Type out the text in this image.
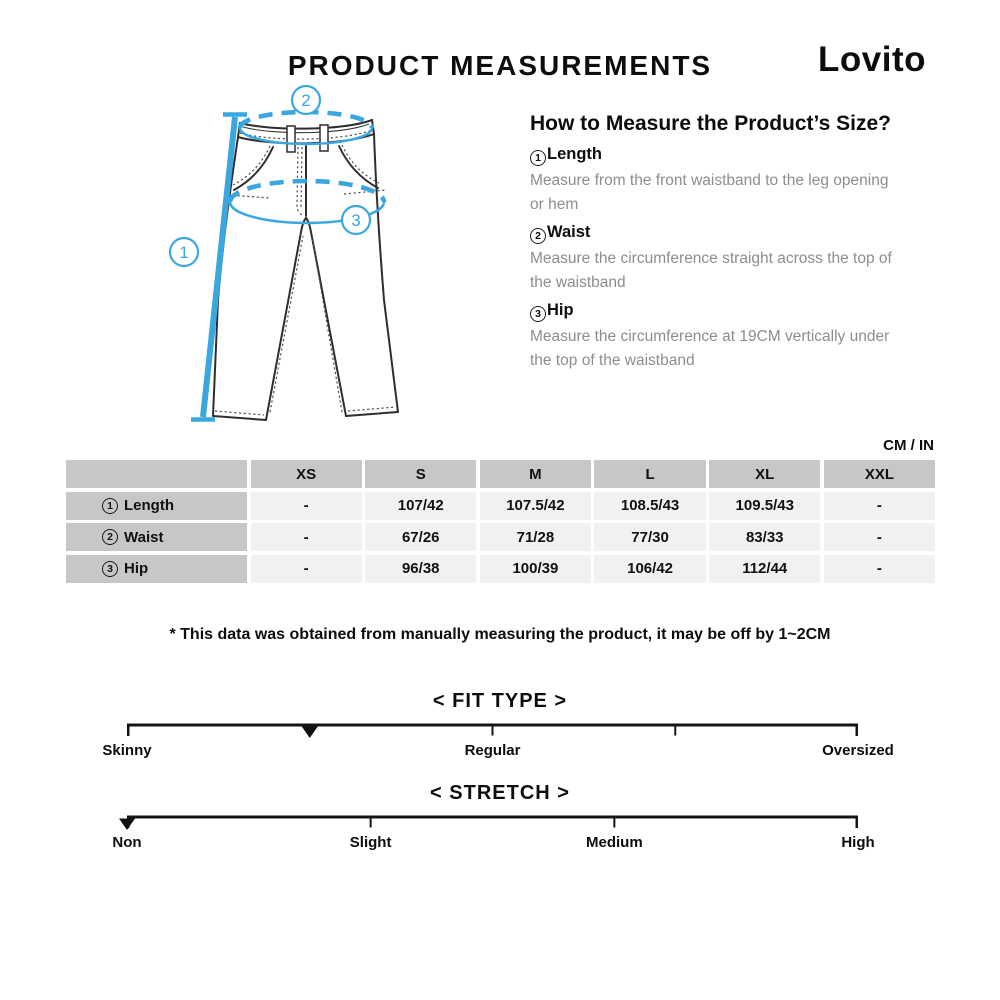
PRODUCT MEASUREMENTS	Lovito
1
2
3
How to Measure the Product’s Size?
1 Length
Measure from the front waistband to the leg opening or hem
2 Waist
Measure the circumference straight across the top of the waistband
3 Hip
Measure the circumference at 19CM vertically under the top of the waistband
CM / IN
XS	S	M	L	XL	XXL
1 Length	-	107/42	107.5/42	108.5/43	109.5/43	-
2 Waist	-	67/26	71/28	77/30	83/33	-
3 Hip	-	96/38	100/39	106/42	112/44	-
* This data was obtained from manually measuring the product, it may be off by 1~2CM
< FIT TYPE >
Skinny	Regular	Oversized
< STRETCH >
Non	Slight	Medium	High
